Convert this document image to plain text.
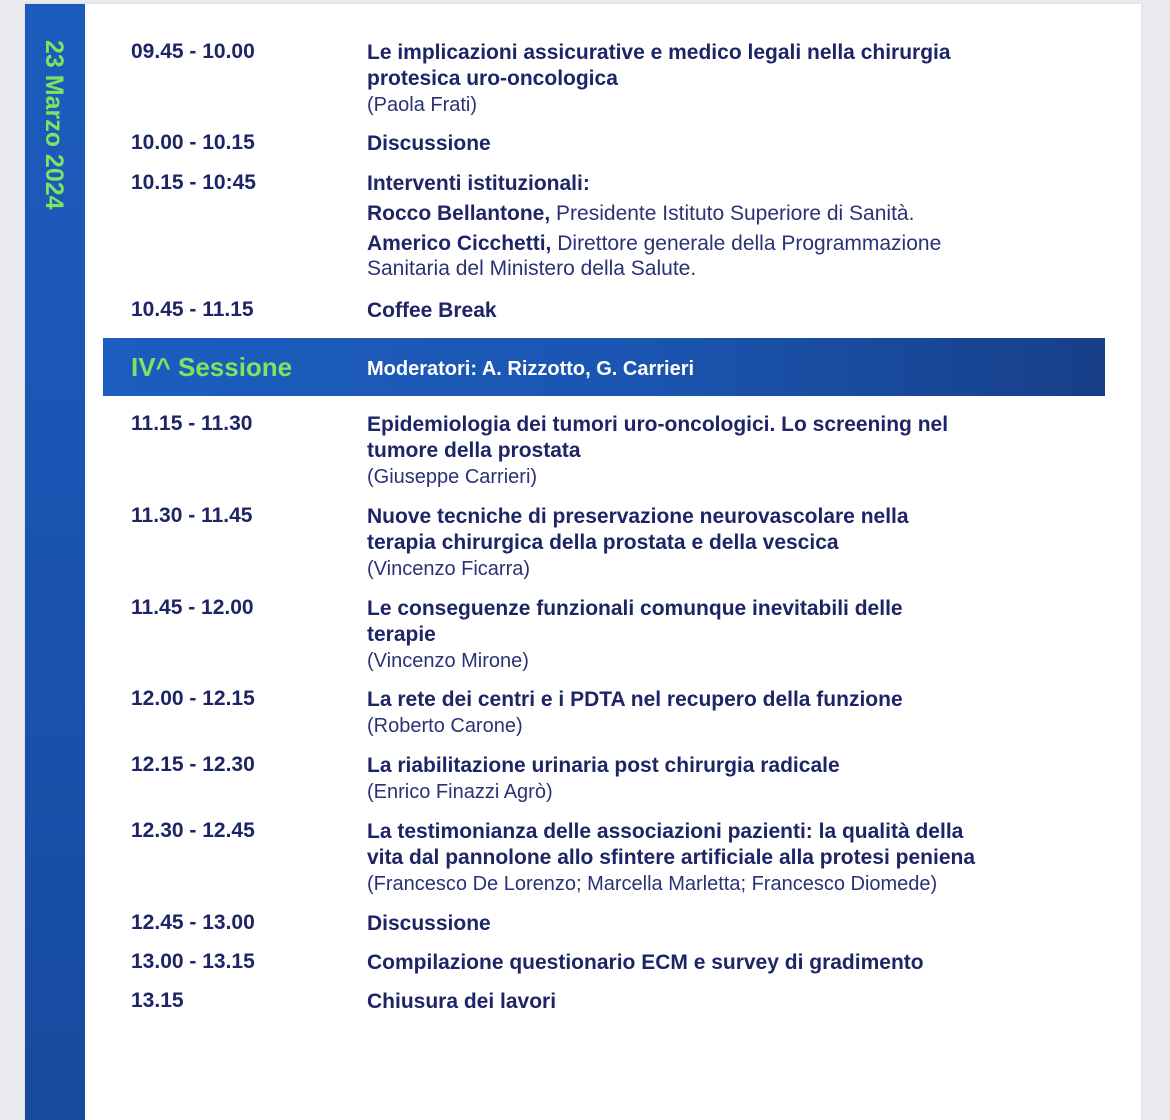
23 Marzo 2024	09.45 - 10.00	Le implicazioni assicurative e medico legali nella chirurgia
protesica uro-oncologica
(Paola Frati)
10.00 - 10.15	Discussione
10.15 - 10:45	Interventi istituzionali:
Rocco Bellantone, Presidente Istituto Superiore di Sanità.
Americo Cicchetti, Direttore generale della Programmazione
Sanitaria del Ministero della Salute.
10.45 - 11.15	Coffee Break
IV^ Sessione	Moderatori: A. Rizzotto, G. Carrieri
11.15 - 11.30	Epidemiologia dei tumori uro-oncologici. Lo screening nel
tumore della prostata
(Giuseppe Carrieri)
11.30 - 11.45	Nuove tecniche di preservazione neurovascolare nella
terapia chirurgica della prostata e della vescica
(Vincenzo Ficarra)
11.45 - 12.00	Le conseguenze funzionali comunque inevitabili delle
terapie
(Vincenzo Mirone)
12.00 - 12.15	La rete dei centri e i PDTA nel recupero della funzione
(Roberto Carone)
12.15 - 12.30	La riabilitazione urinaria post chirurgia radicale
(Enrico Finazzi Agrò)
12.30 - 12.45	La testimonianza delle associazioni pazienti: la qualità della
vita dal pannolone allo sfintere artificiale alla protesi peniena
(Francesco De Lorenzo; Marcella Marletta; Francesco Diomede)
12.45 - 13.00	Discussione
13.00 - 13.15	Compilazione questionario ECM e survey di gradimento
13.15	Chiusura dei lavori
